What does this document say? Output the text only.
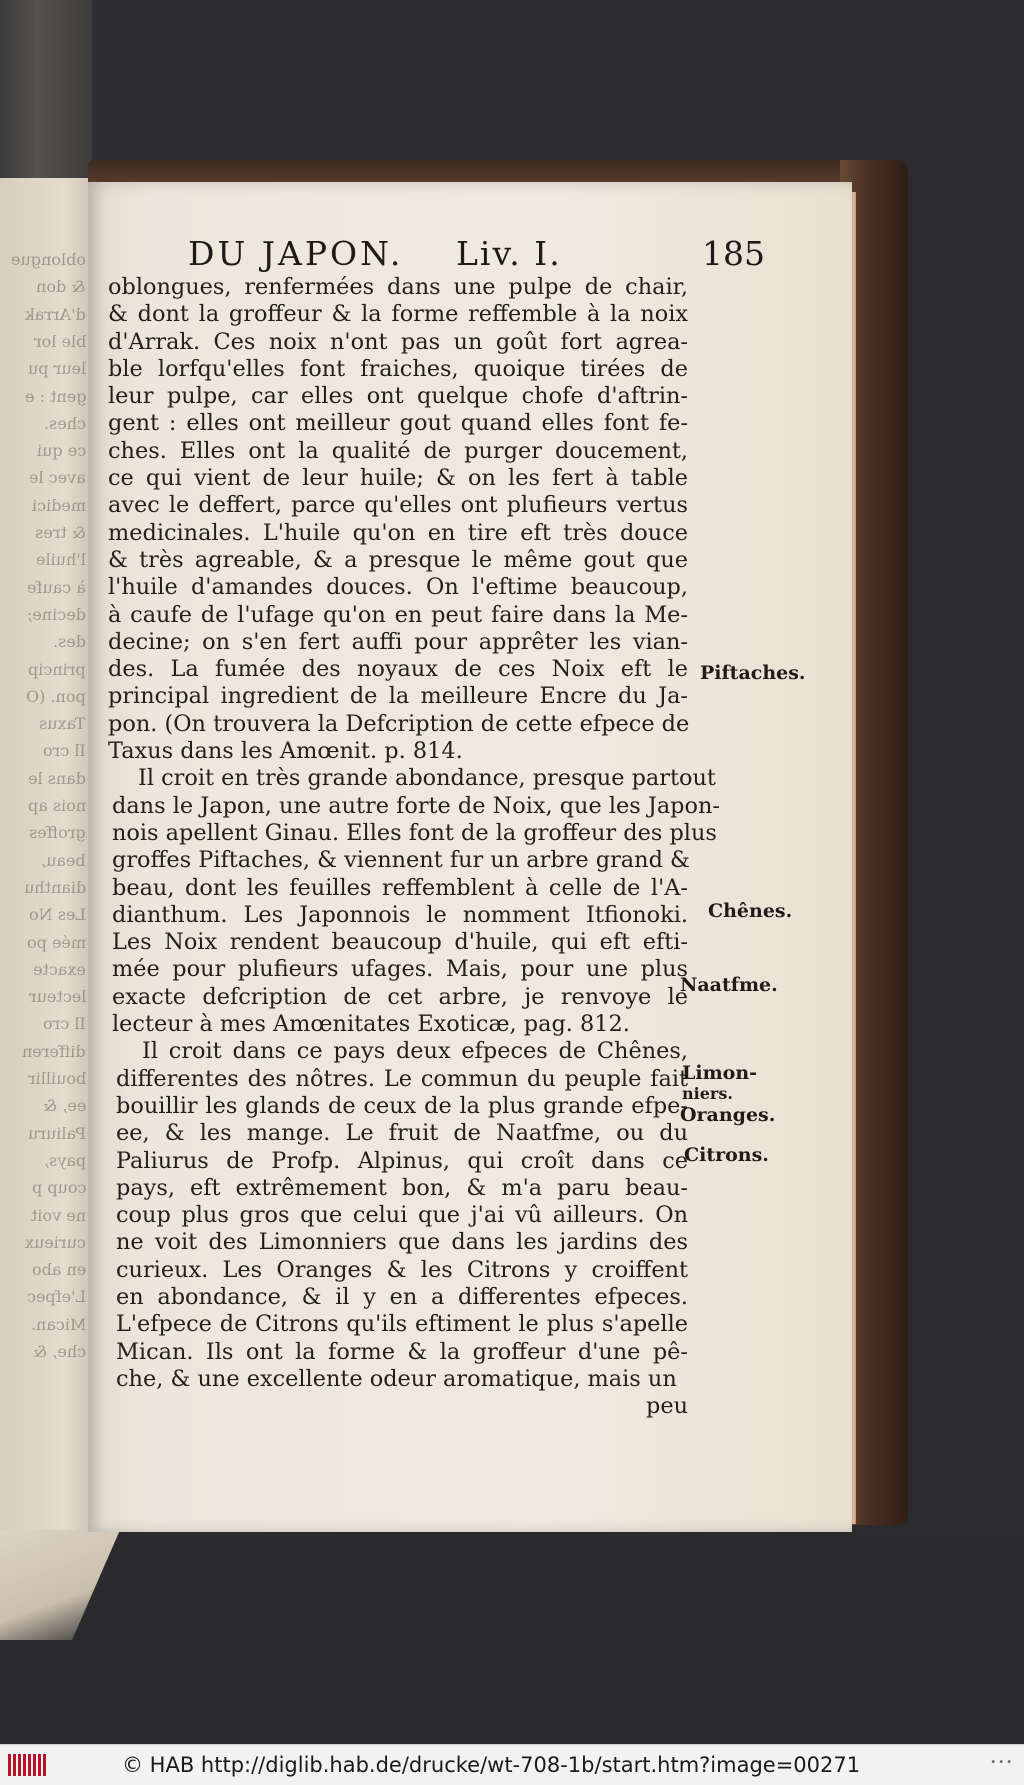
oblongue
& don
d'Arrak
ble lor
leur pu
gent : e
ches.
ce qui
avec le
medici
& tres
l'huile
à caufe
decine;
des.
princip
pon. (O
Taxus
Il cro
dans le
nois ap
groffes
beau,
dianthu
Les No
mée po
exacte
lecteur
Il cro
differen
bouillir
ee, &
Paliuru
pays,
coup p
ne voit
curieux
en abo
L'efpec
Mican.
che, &
DU JAPON. Liv. I.	185
oblongues, renfermées dans une pulpe de chair,
& dont la groffeur & la forme reffemble à la noix
d'Arrak. Ces noix n'ont pas un goût fort agrea-
ble lorfqu'elles font fraiches, quoique tirées de
leur pulpe, car elles ont quelque chofe d'aftrin-
gent : elles ont meilleur gout quand elles font fe-
ches. Elles ont la qualité de purger doucement,
ce qui vient de leur huile; & on les fert à table
avec le deffert, parce qu'elles ont plufieurs vertus
medicinales. L'huile qu'on en tire eft très douce
& très agreable, & a presque le même gout que
l'huile d'amandes douces. On l'eftime beaucoup,
à caufe de l'ufage qu'on en peut faire dans la Me-
decine; on s'en fert auffi pour apprêter les vian-
des. La fumée des noyaux de ces Noix eft le
principal ingredient de la meilleure Encre du Ja-
pon. (On trouvera la Defcription de cette efpece de
Taxus dans les Amœnit. p. 814.
Il croit en très grande abondance, presque partout
dans le Japon, une autre forte de Noix, que les Japon-
nois apellent Ginau. Elles font de la groffeur des plus
groffes Piftaches, & viennent fur un arbre grand &
beau, dont les feuilles reffemblent à celle de l'A-
dianthum. Les Japonnois le nomment Itfionoki.
Les Noix rendent beaucoup d'huile, qui eft efti-
mée pour plufieurs ufages. Mais, pour une plus
exacte defcription de cet arbre, je renvoye le
lecteur à mes Amœnitates Exoticæ, pag. 812.
Il croit dans ce pays deux efpeces de Chênes,
differentes des nôtres. Le commun du peuple fait
bouillir les glands de ceux de la plus grande efpe-
ee, & les mange. Le fruit de Naatfme, ou du
Paliurus de Profp. Alpinus, qui croît dans ce
pays, eft extrêmement bon, & m'a paru beau-
coup plus gros que celui que j'ai vû ailleurs. On
ne voit des Limonniers que dans les jardins des
curieux. Les Oranges & les Citrons y croiffent
en abondance, & il y en a differentes efpeces.
L'efpece de Citrons qu'ils eftiment le plus s'apelle
Mican. Ils ont la forme & la groffeur d'une pê-
che, & une excellente odeur aromatique, mais un
peu
Piftaches.
Chênes.
Naatfme.
Limon-
niers.
Oranges.
Citrons.
© HAB http://diglib.hab.de/drucke/wt-708-1b/start.htm?image=00271	•••
